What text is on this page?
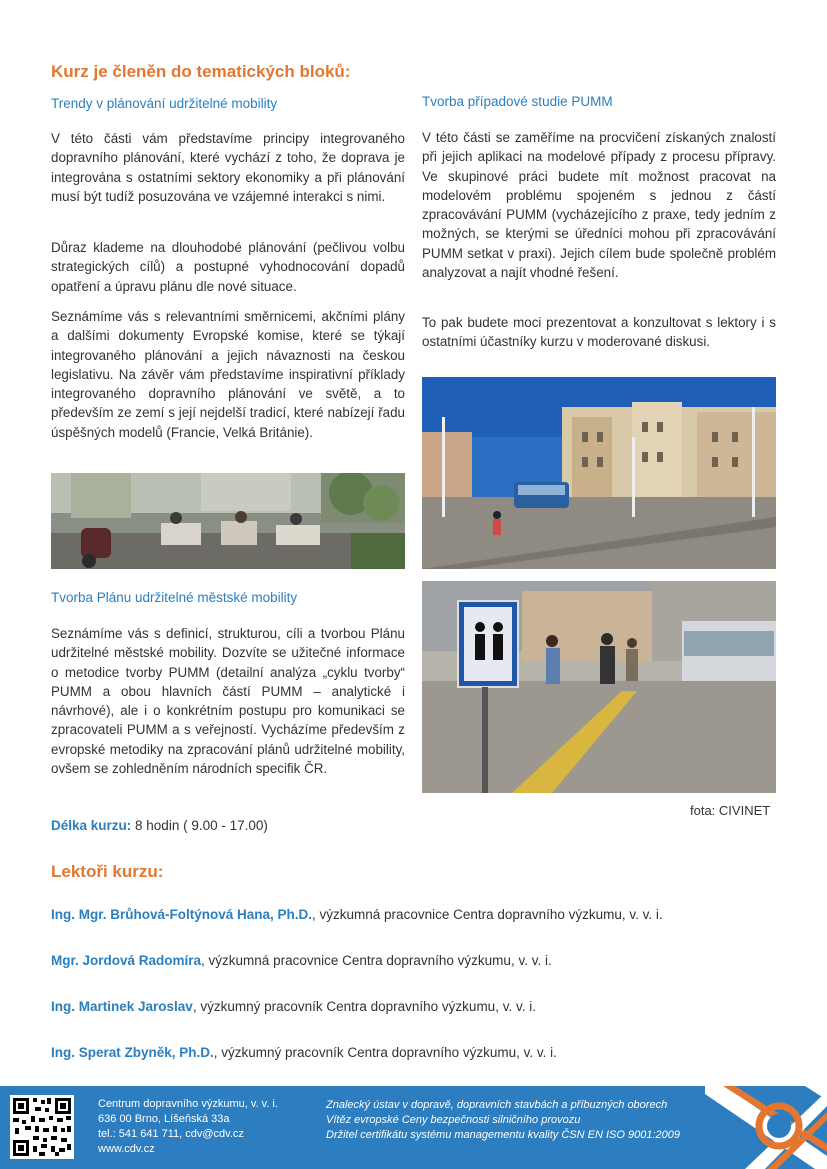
Kurz je členěn do tematických bloků:
Trendy v plánování udržitelné mobility

V této části vám představíme principy integrovaného dopravního plánování, které vychází z toho, že doprava je integrována s ostatními sektory ekonomiky a při plánování musí být tudíž posuzována ve vzájemné interakci s nimi.

Důraz klademe na dlouhodobé plánování (pečlivou volbu strategických cílů) a postupné vyhodnocování dopadů opatření a úpravu plánu dle nové situace.

Seznámíme vás s relevantními směrnicemi, akčními plány a dalšími dokumenty Evropské komise, které se týkají integrovaného plánování a jejich návaznosti na českou legislativu. Na závěr vám představíme inspirativní příklady integrovaného dopravního plánování ve světě, a to především ze zemí s její nejdelší tradicí, které nabízejí řadu úspěšných modelů (Francie, Velká Británie).

Tvorba Plánu udržitelné městské mobility

Seznámíme vás s definicí, strukturou, cíli a tvorbou Plánu udržitelné městské mobility. Dozvíte se užitečné informace o metodice tvorby PUMM (detailní analýza „cyklu tvorby“ PUMM a obou hlavních částí PUMM – analytické i návrhové), ale i o konkrétním postupu pro komunikaci se zpracovateli PUMM a s veřejností. Vycházíme především z evropské metodiky na zpracování plánů udržitelné mobility, ovšem se zohledněním národních specifik ČR.

Délka kurzu: 8 hodin ( 9.00 - 17.00)
Tvorba případové studie PUMM

V této části se zaměříme na procvičení získaných znalostí při jejich aplikaci na modelové případy z procesu přípravy. Ve skupinové práci budete mít možnost pracovat na modelovém problému spojeném s jednou z částí zpracovávání PUMM (vycházejícího z praxe, tedy jedním z možných, se kterými se úředníci mohou při zpracovávání PUMM setkat v praxi). Jejich cílem bude společně problém analyzovat a najít vhodné řešení.

To pak budete moci prezentovat a konzultovat s lektory i s ostatními účastníky kurzu v moderované diskusi.

fota: CIVINET
Lektoři kurzu:
Ing. Mgr. Brůhová-Foltýnová Hana, Ph.D., výzkumná pracovnice Centra dopravního výzkumu, v. v. i.
Mgr. Jordová Radomíra, výzkumná pracovnice Centra dopravního výzkumu, v. v. i.
Ing. Martinek Jaroslav, výzkumný pracovník Centra dopravního výzkumu, v. v. i.
Ing. Sperat Zbyněk, Ph.D., výzkumný pracovník Centra dopravního výzkumu, v. v. i.
Centrum dopravního výzkumu, v. v. i.
636 00 Brno, Líšeňská 33a
tel.: 541 641 711, cdv@cdv.cz
www.cdv.cz
Znalecký ústav v dopravě, dopravních stavbách a příbuzných oborech
Vítěz evropské Ceny bezpečnosti silničního provozu
Držitel certifikátu systému managementu kvality ČSN EN ISO 9001:2009
